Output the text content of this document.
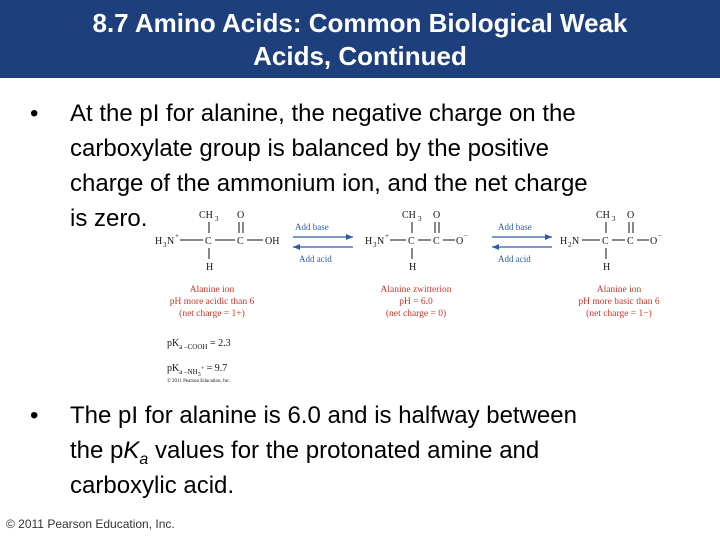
8.7 Amino Acids: Common Biological Weak
Acids, Continued
• At the pI for alanine, the negative charge on the
carboxylate group is balanced by the positive
charge of the ammonium ion, and the net charge
is zero.	CH 3 O
H 3 N +	C	C OH
H
Add base
Add acid
CH 3 O
H 3 N + C C O −
H
Add base
Add acid
CH 3 O
H 2 N C C O −
H
Alanine ion
pH more acidic than 6
(net charge = 1+)
Alanine zwitterion
pH = 6.0
(net charge = 0)
Alanine ion
pH more basic than 6
(net charge = 1−)
$pK_{a -COOH} = 2.3$
$pK_{a -NH3}^+ = 9.7$
© 2011 Pearson Education, Inc.
• The pI for alanine is 6.0 and is halfway between
the $pK_a$ values for the protonated amine and
carboxylic acid.
© 2011 Pearson Education, Inc.
